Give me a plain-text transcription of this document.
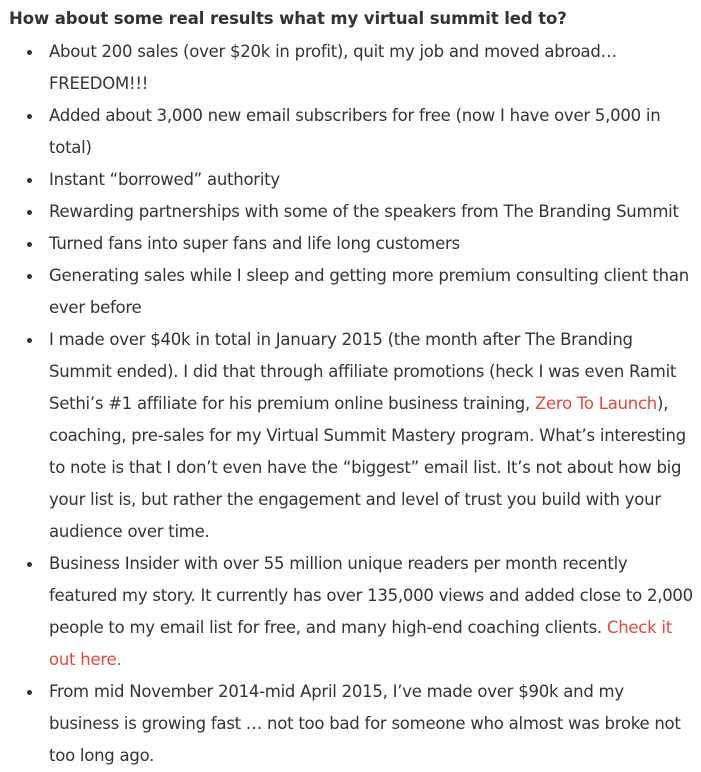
How about some real results what my virtual summit led to?
About 200 sales (over $20k in profit), quit my job and moved abroad…FREEDOM!!!
Added about 3,000 new email subscribers for free (now I have over 5,000 in total)
Instant “borrowed” authority
Rewarding partnerships with some of the speakers from The Branding Summit
Turned fans into super fans and life long customers
Generating sales while I sleep and getting more premium consulting client than ever before
I made over $40k in total in January 2015 (the month after The Branding Summit ended). I did that through affiliate promotions (heck I was even Ramit Sethi’s #1 affiliate for his premium online business training, Zero To Launch), coaching, pre-sales for my Virtual Summit Mastery program. What’s interesting to note is that I don’t even have the “biggest” email list. It’s not about how big your list is, but rather the engagement and level of trust you build with your audience over time.
Business Insider with over 55 million unique readers per month recently featured my story. It currently has over 135,000 views and added close to 2,000 people to my email list for free, and many high-end coaching clients. Check it out here.
From mid November 2014-mid April 2015, I’ve made over $90k and my business is growing fast … not too bad for someone who almost was broke not too long ago.
